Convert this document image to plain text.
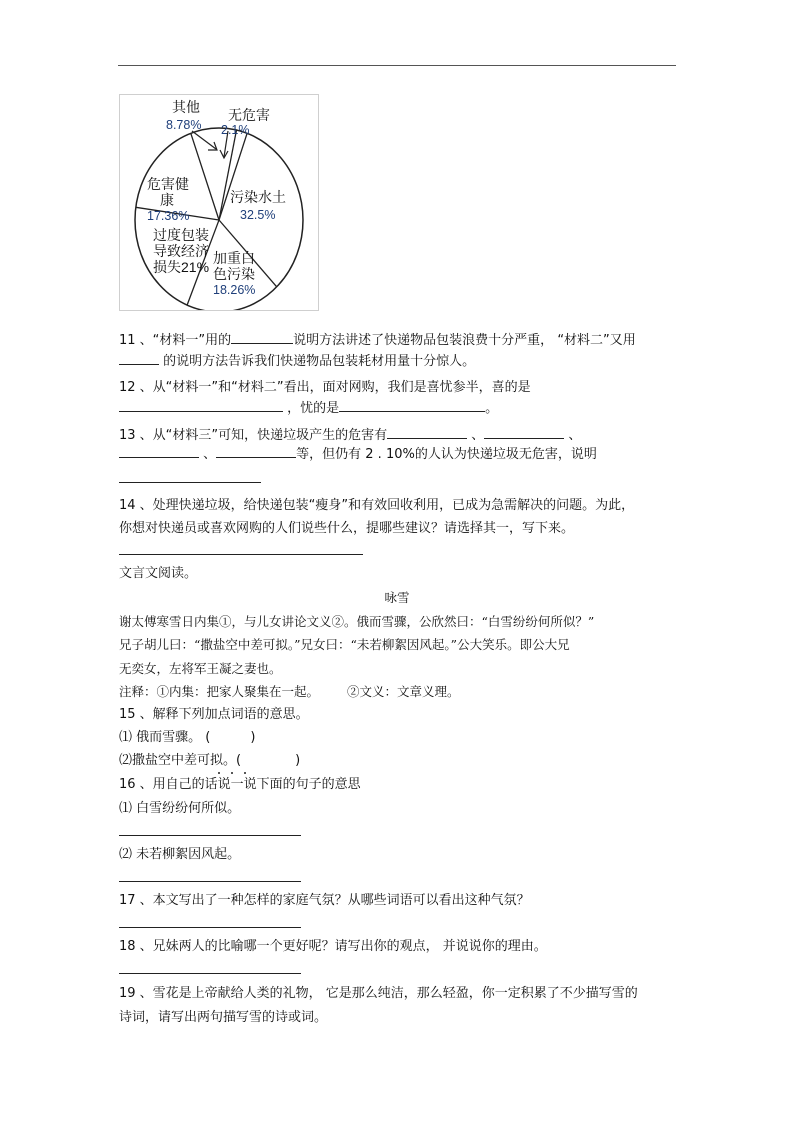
其他
8.78%
无危害
2.1%
污染水土
32.5%
加重白
色污染
18.26%
过度包装
导致经济
损失21%
危害健
康
17.36%
11 、“材料一”用的	说明方法讲述了快递物品包装浪费十分严重， “材料二”又用
的说明方法告诉我们快递物品包装耗材用量十分惊人。
12 、从“材料一”和“材料二”看出，面对网购，我们是喜忧参半，喜的是
，忧的是	。
13 、从“材料三”可知，快递垃圾产生的危害有	、	、
、	等，但仍有 2 . 10%的人认为快递垃圾无危害，说明
14 、处理快递垃圾，给快递包装“瘦身”和有效回收利用，已成为急需解决的问题。为此，
你想对快递员或喜欢网购的人们说些什么，提哪些建议？请选择其一，写下来。
文言文阅读。
咏雪
谢太傅寒雪日内集①，与儿女讲论文义②。俄而雪骤，公欣然曰：“白雪纷纷何所似？”
兄子胡儿曰：“撒盐空中差可拟。”兄女曰：“未若柳絮因风起。”公大笑乐。即公大兄
无奕女，左将军王凝之妻也。
注释：①内集：把家人聚集在一起。 ②文义：文章义理。
15 、解释下列加点词语的意思。
⑴ 俄而雪骤。 (	)
⑵撒盐空中差可拟。(	)
16 、用自己的话说一说下面的句子的意思
⑴ 白雪纷纷何所似。
⑵ 未若柳絮因风起。
17 、本文写出了一种怎样的家庭气氛？从哪些词语可以看出这种气氛？
18 、兄妹两人的比喻哪一个更好呢？请写出你的观点， 并说说你的理由。
19 、雪花是上帝献给人类的礼物， 它是那么纯洁，那么轻盈，你一定积累了不少描写雪的
诗词，请写出两句描写雪的诗或词。
